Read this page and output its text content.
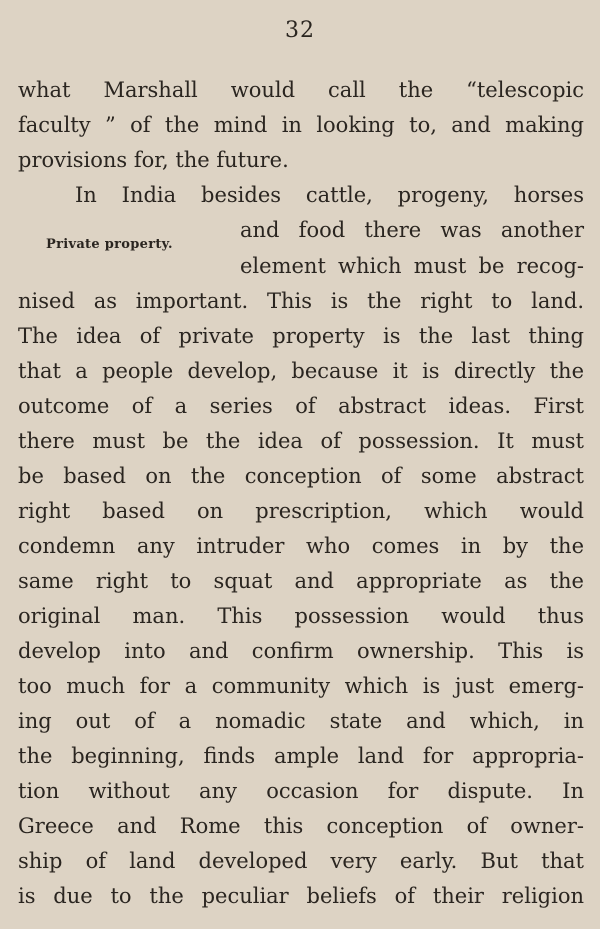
32
what Marshall would call the “telescopic
faculty ” of the mind in looking to, and making
provisions for, the future.
In India besides cattle, progeny, horses
and food there was another
Private property.
element which must be recog-
nised as important. This is the right to land.
The idea of private property is the last thing
that a people develop, because it is directly the
outcome of a series of abstract ideas. First
there must be the idea of possession. It must
be based on the conception of some abstract
right based on prescription, which would
condemn any intruder who comes in by the
same right to squat and appropriate as the
original man. This possession would thus
develop into and confirm ownership. This is
too much for a community which is just emerg-
ing out of a nomadic state and which, in
the beginning, finds ample land for appropria-
tion without any occasion for dispute. In
Greece and Rome this conception of owner-
ship of land developed very early. But that
is due to the peculiar beliefs of their religion
